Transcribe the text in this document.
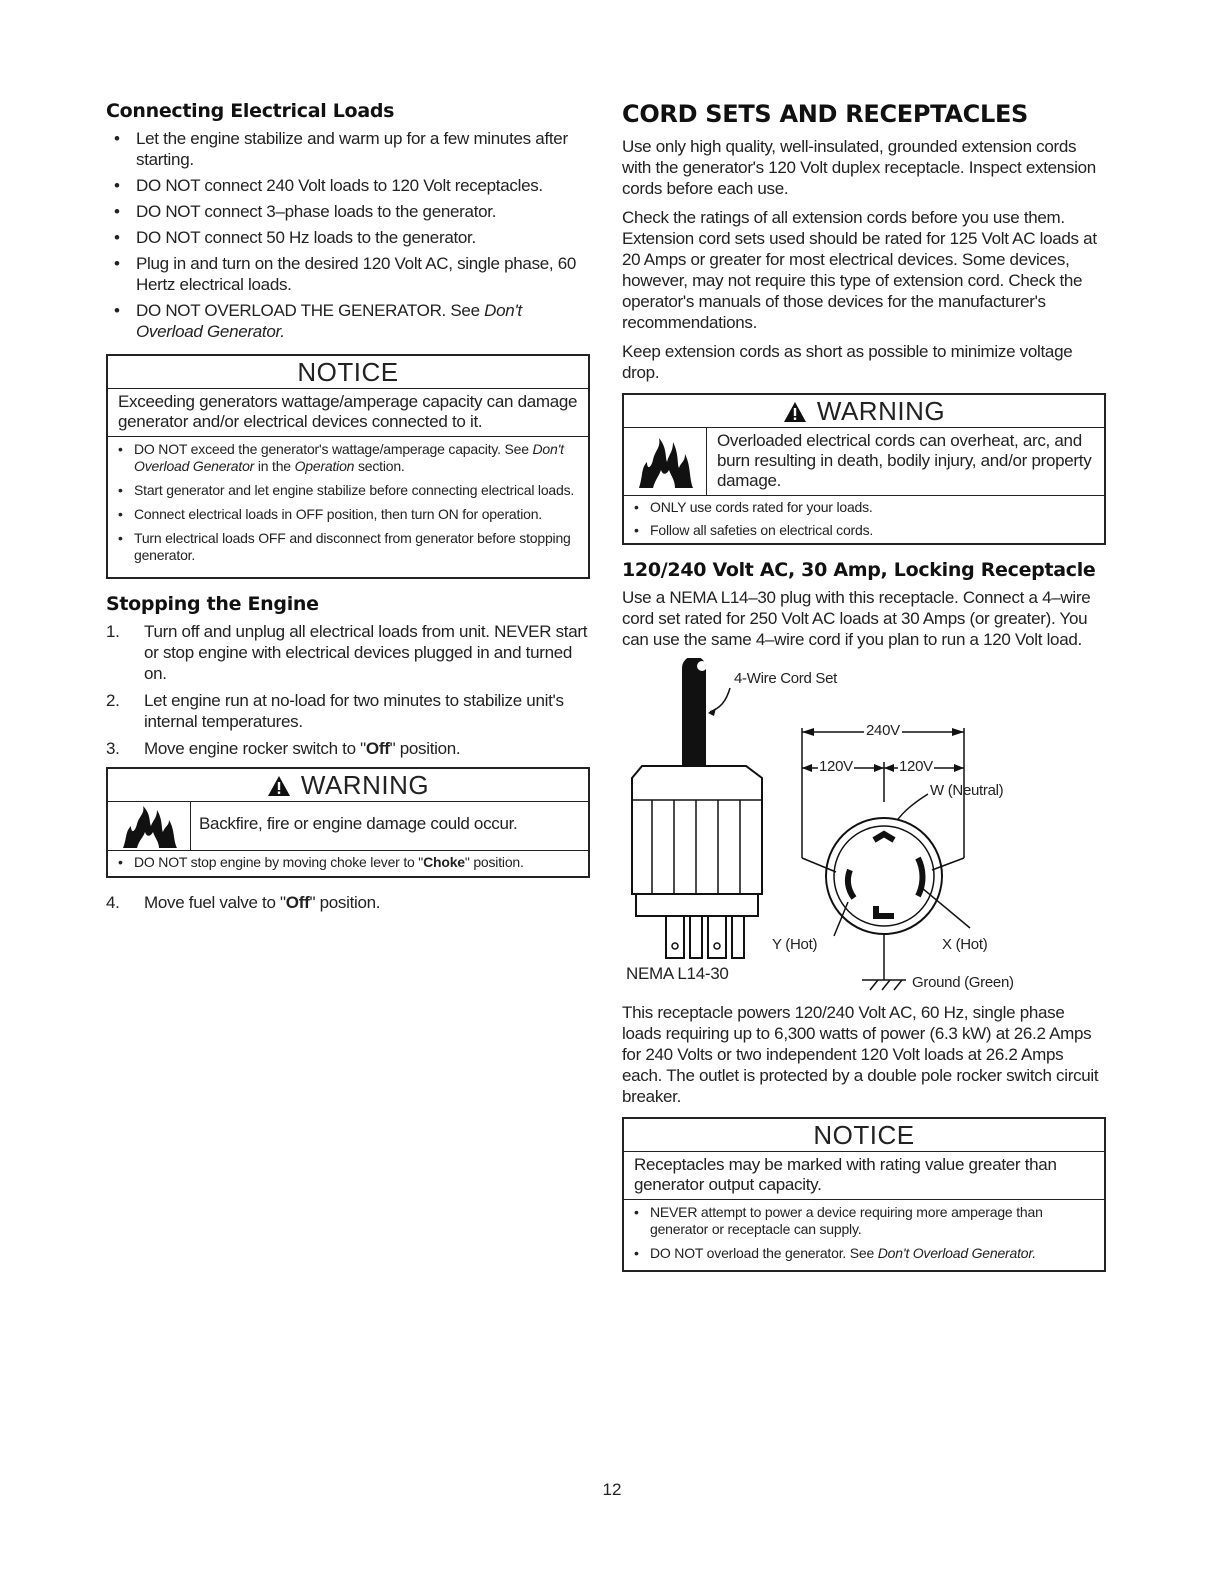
Connecting Electrical Loads
• Let the engine stabilize and warm up for a few minutes after starting.
• DO NOT connect 240 Volt loads to 120 Volt receptacles.
• DO NOT connect 3–phase loads to the generator.
• DO NOT connect 50 Hz loads to the generator.
• Plug in and turn on the desired 120 Volt AC, single phase, 60 Hertz electrical loads.
• DO NOT OVERLOAD THE GENERATOR. See Don't Overload Generator.
NOTICE
Exceeding generators wattage/amperage capacity can damage generator and/or electrical devices connected to it.
• DO NOT exceed the generator's wattage/amperage capacity. See Don't Overload Generator in the Operation section.
• Start generator and let engine stabilize before connecting electrical loads.
• Connect electrical loads in OFF position, then turn ON for operation.
• Turn electrical loads OFF and disconnect from generator before stopping generator.
Stopping the Engine
1. Turn off and unplug all electrical loads from unit. NEVER start or stop engine with electrical devices plugged in and turned on.
2. Let engine run at no-load for two minutes to stabilize unit's internal temperatures.
3. Move engine rocker switch to "Off" position.
WARNING
Backfire, fire or engine damage could occur.
• DO NOT stop engine by moving choke lever to "Choke" position.
4. Move fuel valve to "Off" position.
CORD SETS AND RECEPTACLES

Use only high quality, well-insulated, grounded extension cords with the generator's 120 Volt duplex receptacle. Inspect extension cords before each use.

Check the ratings of all extension cords before you use them. Extension cord sets used should be rated for 125 Volt AC loads at 20 Amps or greater for most electrical devices. Some devices, however, may not require this type of extension cord. Check the operator's manuals of those devices for the manufacturer's recommendations.

Keep extension cords as short as possible to minimize voltage drop.

WARNING
Overloaded electrical cords can overheat, arc, and burn resulting in death, bodily injury, and/or property damage.
• ONLY use cords rated for your loads.
• Follow all safeties on electrical cords.
120/240 Volt AC, 30 Amp, Locking Receptacle

Use a NEMA L14–30 plug with this receptacle. Connect a 4–wire cord set rated for 250 Volt AC loads at 30 Amps (or greater). You can use the same 4–wire cord if you plan to run a 120 Volt load.

4-Wire Cord Set
240V
120V	120V
W (Neutral)
Y (Hot)	X (Hot)
NEMA L14-30	Ground (Green)

This receptacle powers 120/240 Volt AC, 60 Hz, single phase loads requiring up to 6,300 watts of power (6.3 kW) at 26.2 Amps for 240 Volts or two independent 120 Volt loads at 26.2 Amps each. The outlet is protected by a double pole rocker switch circuit breaker.

NOTICE
Receptacles may be marked with rating value greater than generator output capacity.
• NEVER attempt to power a device requiring more amperage than generator or receptacle can supply.
• DO NOT overload the generator. See Don't Overload Generator.
12
